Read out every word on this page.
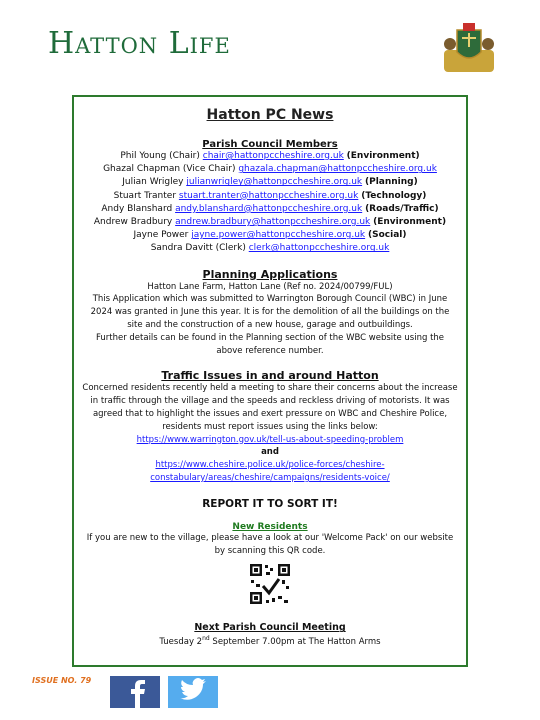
Hatton Life
Hatton PC News
Parish Council Members
Phil Young (Chair) chair@hattonpccheshire.org.uk (Environment)
Ghazal Chapman (Vice Chair) ghazala.chapman@hattonpccheshire.org.uk
Julian Wrigley julianwrigley@hattonpccheshire.org.uk (Planning)
Stuart Tranter stuart.tranter@hattonpccheshire.org.uk (Technology)
Andy Blanshard andy.blanshard@hattonpccheshire.org.uk (Roads/Traffic)
Andrew Bradbury andrew.bradbury@hattonpccheshire.org.uk (Environment)
Jayne Power jayne.power@hattonpccheshire.org.uk (Social)
Sandra Davitt (Clerk) clerk@hattonpccheshire.org.uk
Planning Applications
Hatton Lane Farm, Hatton Lane (Ref no. 2024/00799/FUL)
This Application which was submitted to Warrington Borough Council (WBC) in June 2024 was granted in June this year. It is for the demolition of all the buildings on the site and the construction of a new house, garage and outbuildings.
Further details can be found in the Planning section of the WBC website using the above reference number.
Traffic Issues in and around Hatton
Concerned residents recently held a meeting to share their concerns about the increase in traffic through the village and the speeds and reckless driving of motorists. It was agreed that to highlight the issues and exert pressure on WBC and Cheshire Police, residents must report issues using the links below:
https://www.warrington.gov.uk/tell-us-about-speeding-problem
and
https://www.cheshire.police.uk/police-forces/cheshire-constabulary/areas/cheshire/campaigns/residents-voice/
REPORT IT TO SORT IT!
New Residents
If you are new to the village, please have a look at our 'Welcome Pack' on our website by scanning this QR code.
Next Parish Council Meeting
Tuesday 2nd September 7.00pm at The Hatton Arms
ISSUE NO. 79
